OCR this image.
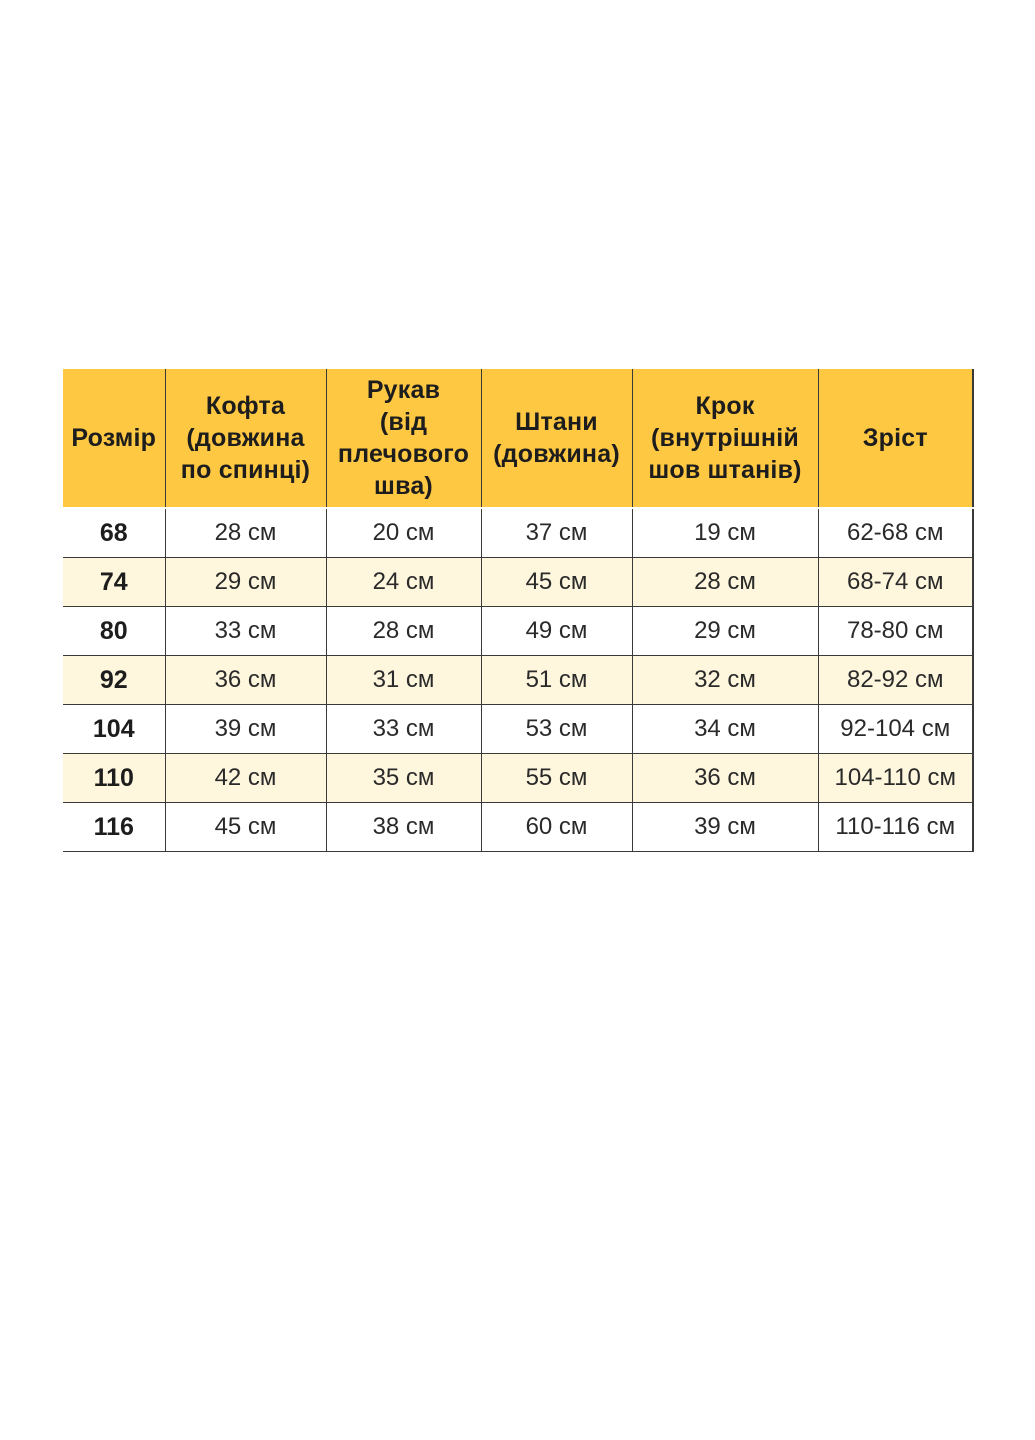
Розмір	Кофта
(довжина
по спинці)	Рукав
(від
плечового
шва)	Штани
(довжина)	Крок
(внутрішній
шов штанів)	Зріст
68	28 см	20 см	37 см	19 см	62-68 см
74	29 см	24 см	45 см	28 см	68-74 см
80	33 см	28 см	49 см	29 см	78-80 см
92	36 см	31 см	51 см	32 см	82-92 см
104	39 см	33 см	53 см	34 см	92-104 см
110	42 см	35 см	55 см	36 см	104-110 см
116	45 см	38 см	60 см	39 см	110-116 см
